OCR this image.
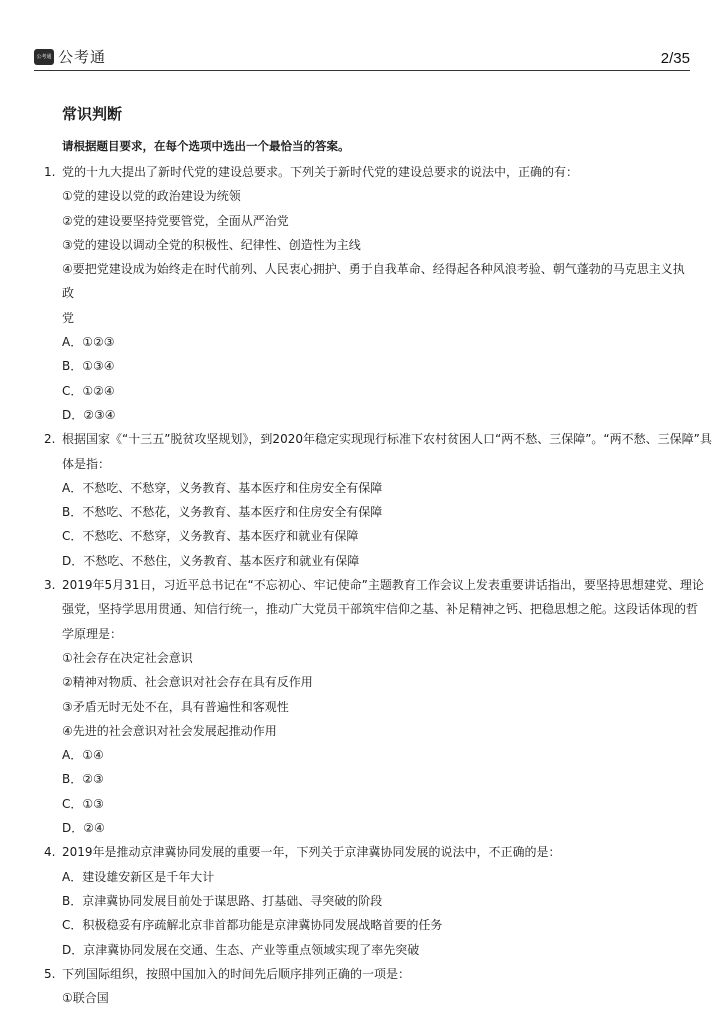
公考通 公考通	2/35
常识判断
请根据题目要求，在每个选项中选出一个最恰当的答案。
1. 党的十九大提出了新时代党的建设总要求。下列关于新时代党的建设总要求的说法中，正确的有：
①党的建设以党的政治建设为统领
②党的建设要坚持党要管党，全面从严治党
③党的建设以调动全党的积极性、纪律性、创造性为主线
④要把党建设成为始终走在时代前列、人民衷心拥护、勇于自我革命、经得起各种风浪考验、朝气蓬勃的马克思主义执政
党
A．①②③
B．①③④
C．①②④
D．②③④
2. 根据国家《“十三五”脱贫攻坚规划》，到2020年稳定实现现行标准下农村贫困人口“两不愁、三保障”。“两不愁、三保障”具
体是指：
A．不愁吃、不愁穿，义务教育、基本医疗和住房安全有保障
B．不愁吃、不愁花，义务教育、基本医疗和住房安全有保障
C．不愁吃、不愁穿，义务教育、基本医疗和就业有保障
D．不愁吃、不愁住，义务教育、基本医疗和就业有保障
3. 2019年5月31日，习近平总书记在“不忘初心、牢记使命”主题教育工作会议上发表重要讲话指出，要坚持思想建党、理论
强党，坚持学思用贯通、知信行统一，推动广大党员干部筑牢信仰之基、补足精神之钙、把稳思想之舵。这段话体现的哲
学原理是：
①社会存在决定社会意识
②精神对物质、社会意识对社会存在具有反作用
③矛盾无时无处不在，具有普遍性和客观性
④先进的社会意识对社会发展起推动作用
A．①④
B．②③
C．①③
D．②④
4. 2019年是推动京津冀协同发展的重要一年，下列关于京津冀协同发展的说法中，不正确的是：
A．建设雄安新区是千年大计
B．京津冀协同发展目前处于谋思路、打基础、寻突破的阶段
C．积极稳妥有序疏解北京非首都功能是京津冀协同发展战略首要的任务
D．京津冀协同发展在交通、生态、产业等重点领域实现了率先突破
5. 下列国际组织，按照中国加入的时间先后顺序排列正确的一项是：
①联合国
